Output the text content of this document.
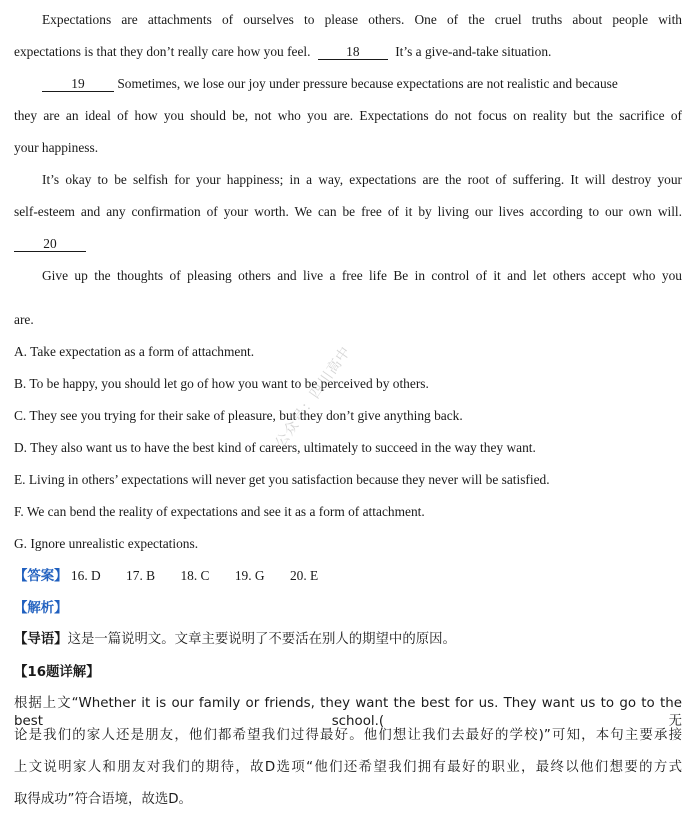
Expectations are attachments of ourselves to please others. One of the cruel truths about people with
expectations is that they don’t really care how you feel.	18	It’s a give-and-take situation.
19 Sometimes, we lose our joy under pressure because expectations are not realistic and because
they are an ideal of how you should be, not who you are. Expectations do not focus on reality but the sacrifice of
your happiness.
It’s okay to be selfish for your happiness; in a way, expectations are the root of suffering. It will destroy your
self-esteem and any confirmation of your worth. We can be free of it by living our lives according to our own will.
20
Give up the thoughts of pleasing others and live a free life Be in control of it and let others accept who you
are.
A. Take expectation as a form of attachment.
B. To be happy, you should let go of how you want to be perceived by others.
C. They see you trying for their sake of pleasure, but they don’t give anything back.
D. They also want us to have the best kind of careers, ultimately to succeed in the way they want.
E. Living in others’ expectations will never get you satisfaction because they never will be satisfied.
F. We can bend the reality of expectations and see it as a form of attachment.
G. Ignore unrealistic expectations.
【答案】 16. D 17. B 18. C 19. G 20. E
【解析】
【导语】这是一篇说明文。文章主要说明了不要活在别人的期望中的原因。
【16题详解】
根据上文“Whether it is our family or friends, they want the best for us. They want us to go to the best school.(无
论是我们的家人还是朋友，他们都希望我们过得最好。他们想让我们去最好的学校)”可知，本句主要承接
上文说明家人和朋友对我们的期待，故D选项“他们还希望我们拥有最好的职业，最终以他们想要的方式
取得成功”符合语境，故选D。
公众号：四川高中
